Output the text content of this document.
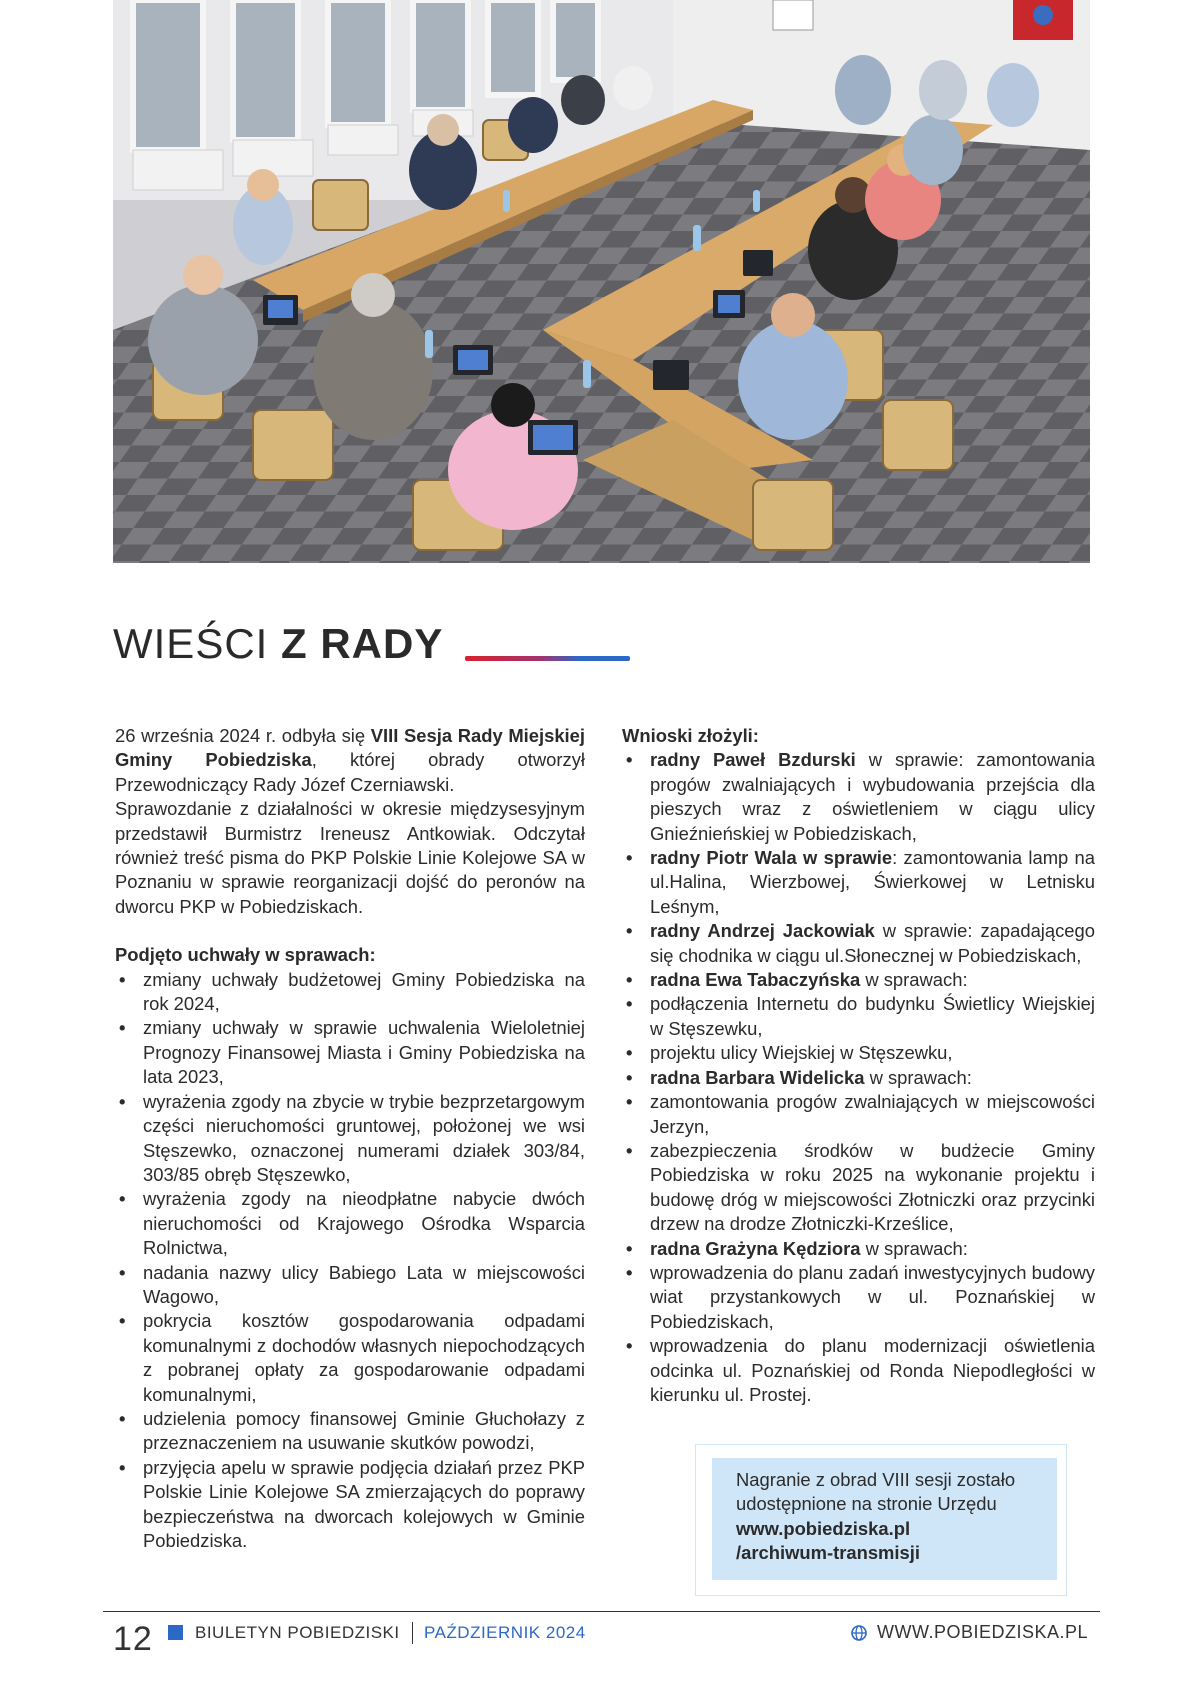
WIEŚCI Z RADY

26 września 2024 r. odbyła się VIII Sesja Rady Miejskiej Gminy Pobiedziska, której obrady otworzył Przewodniczący Rady Józef Czerniawski.

Sprawozdanie z działalności w okresie międzysesyjnym przedstawił Burmistrz Ireneusz Antkowiak. Odczytał również treść pisma do PKP Polskie Linie Kolejowe SA w Poznaniu w sprawie reorganizacji dojść do peronów na dworcu PKP w Pobiedziskach.

Podjęto uchwały w sprawach:

• zmiany uchwały budżetowej Gminy Pobiedziska na rok 2024,
• zmiany uchwały w sprawie uchwalenia Wieloletniej Prognozy Finansowej Miasta i Gminy Pobiedziska na lata 2023,
• wyrażenia zgody na zbycie w trybie bezprzetargowym części nieruchomości gruntowej, położonej we wsi Stęszewko, oznaczonej numerami działek 303/84, 303/85 obręb Stęszewko,
• wyrażenia zgody na nieodpłatne nabycie dwóch nieruchomości od Krajowego Ośrodka Wsparcia Rolnictwa,
• nadania nazwy ulicy Babiego Lata w miejscowości Wagowo,
• pokrycia kosztów gospodarowania odpadami komunalnymi z dochodów własnych niepochodzących z pobranej opłaty za gospodarowanie odpadami komunalnymi,
• udzielenia pomocy finansowej Gminie Głuchołazy z przeznaczeniem na usuwanie skutków powodzi,
• przyjęcia apelu w sprawie podjęcia działań przez PKP Polskie Linie Kolejowe SA zmierzających do poprawy bezpieczeństwa na dworcach kolejowych w Gminie Pobiedziska.

Wnioski złożyli:

• radny Paweł Bzdurski w sprawie: zamontowania progów zwalniających i wybudowania przejścia dla pieszych wraz z oświetleniem w ciągu ulicy Gnieźnieńskiej w Pobiedziskach,
• radny Piotr Wala w sprawie: zamontowania lamp na ul.Halina, Wierzbowej, Świerkowej w Letnisku Leśnym,
• radny Andrzej Jackowiak w sprawie: zapadającego się chodnika w ciągu ul.Słonecznej w Pobiedziskach,
• radna Ewa Tabaczyńska w sprawach:
• podłączenia Internetu do budynku Świetlicy Wiejskiej w Stęszewku,
• projektu ulicy Wiejskiej w Stęszewku,
• radna Barbara Widelicka w sprawach:
• zamontowania progów zwalniających w miejscowości Jerzyn,
• zabezpieczenia środków w budżecie Gminy Pobiedziska w roku 2025 na wykonanie projektu i budowę dróg w miejscowości Złotniczki oraz przycinki drzew na drodze Złotniczki-Krześlice,
• radna Grażyna Kędziora w sprawach:
• wprowadzenia do planu zadań inwestycyjnych budowy wiat przystankowych w ul. Poznańskiej w Pobiedziskach,
• wprowadzenia do planu modernizacji oświetlenia odcinka ul. Poznańskiej od Ronda Niepodległości w kierunku ul. Prostej.
Nagranie z obrad VIII sesji zostało udostępnione na stronie Urzędu
www.pobiedziska.pl
/archiwum-transmisji
12 BIULETYN POBIEDZISKI PAŹDZIERNIK 2024	WWW.POBIEDZISKA.PL
